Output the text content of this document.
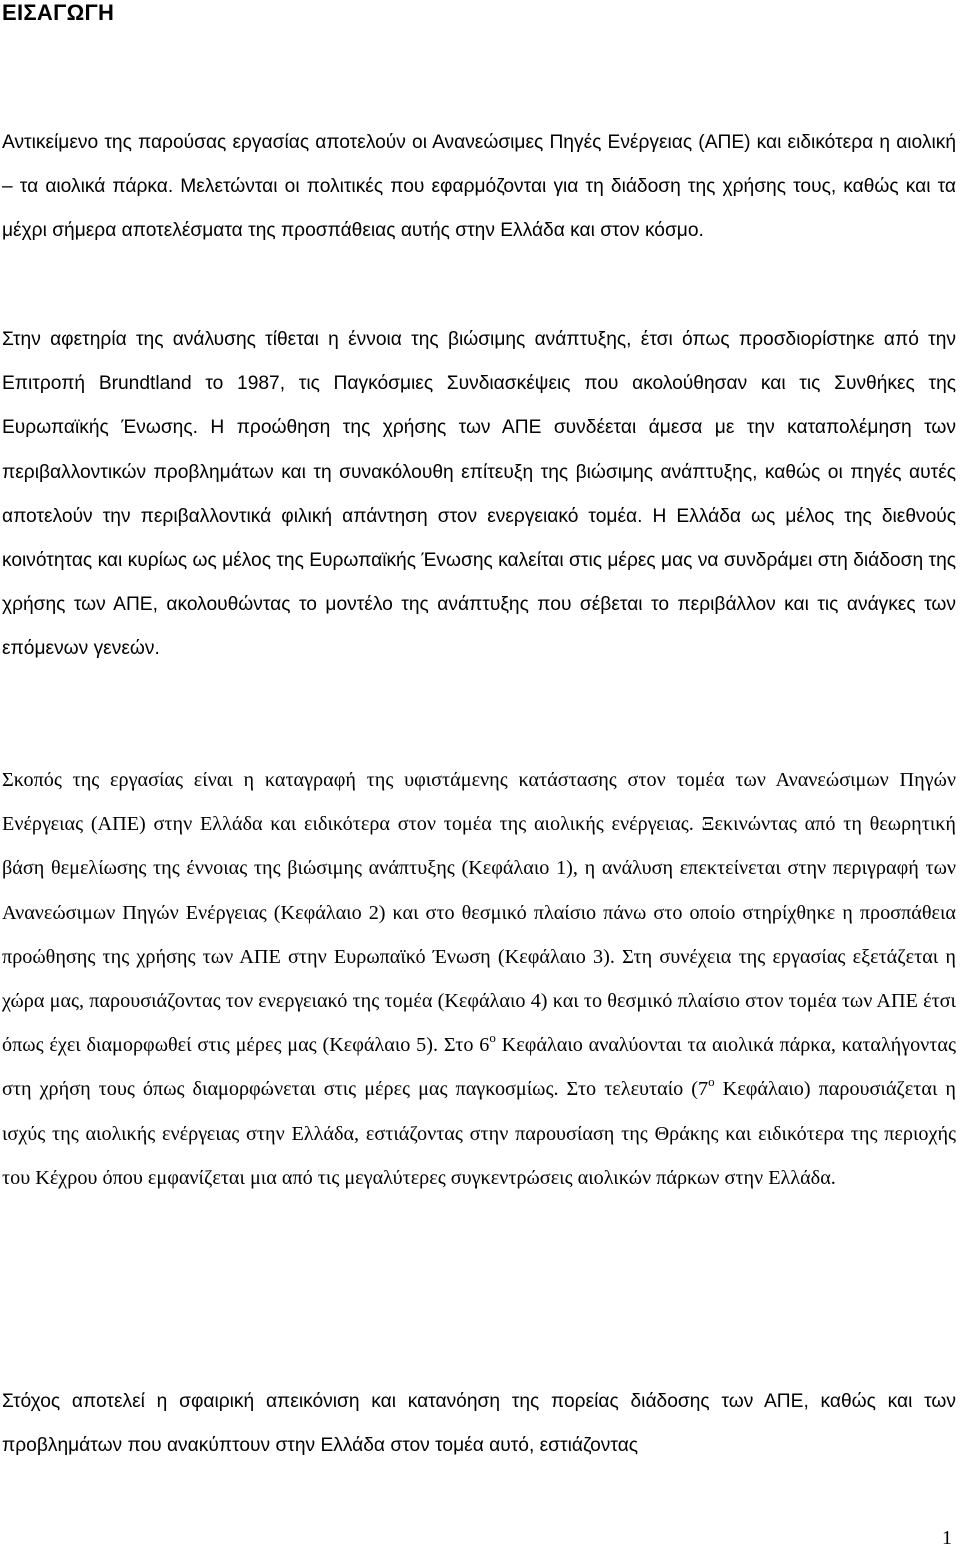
ΕΙΣΑΓΩΓΗ

Αντικείμενο της παρούσας εργασίας αποτελούν οι Ανανεώσιμες Πηγές Ενέργειας (ΑΠΕ) και ειδικότερα η αιολική – τα αιολικά πάρκα. Μελετώνται οι πολιτικές που εφαρμόζονται για τη διάδοση της χρήσης τους, καθώς και τα μέχρι σήμερα αποτελέσματα της προσπάθειας αυτής στην Ελλάδα και στον κόσμο.

Στην αφετηρία της ανάλυσης τίθεται η έννοια της βιώσιμης ανάπτυξης, έτσι όπως προσδιορίστηκε από την Επιτροπή Brundtland το 1987, τις Παγκόσμιες Συνδιασκέψεις που ακολούθησαν και τις Συνθήκες της Ευρωπαϊκής Ένωσης. Η προώθηση της χρήσης των ΑΠΕ συνδέεται άμεσα με την καταπολέμηση των περιβαλλοντικών προβλημάτων και τη συνακόλουθη επίτευξη της βιώσιμης ανάπτυξης, καθώς οι πηγές αυτές αποτελούν την περιβαλλοντικά φιλική απάντηση στον ενεργειακό τομέα. Η Ελλάδα ως μέλος της διεθνούς κοινότητας και κυρίως ως μέλος της Ευρωπαϊκής Ένωσης καλείται στις μέρες μας να συνδράμει στη διάδοση της χρήσης των ΑΠΕ, ακολουθώντας το μοντέλο της ανάπτυξης που σέβεται το περιβάλλον και τις ανάγκες των επόμενων γενεών.

Σκοπός της εργασίας είναι η καταγραφή της υφιστάμενης κατάστασης στον τομέα των Ανανεώσιμων Πηγών Ενέργειας (ΑΠΕ) στην Ελλάδα και ειδικότερα στον τομέα της αιολικής ενέργειας. Ξεκινώντας από τη θεωρητική βάση θεμελίωσης της έννοιας της βιώσιμης ανάπτυξης (Κεφάλαιο 1), η ανάλυση επεκτείνεται στην περιγραφή των Ανανεώσιμων Πηγών Ενέργειας (Κεφάλαιο 2) και στο θεσμικό πλαίσιο πάνω στο οποίο στηρίχθηκε η προσπάθεια προώθησης της χρήσης των ΑΠΕ στην Ευρωπαϊκό Ένωση (Κεφάλαιο 3). Στη συνέχεια της εργασίας εξετάζεται η χώρα μας, παρουσιάζοντας τον ενεργειακό της τομέα (Κεφάλαιο 4) και το θεσμικό πλαίσιο στον τομέα των ΑΠΕ έτσι όπως έχει διαμορφωθεί στις μέρες μας (Κεφάλαιο 5). Στο $6^o$ Κεφάλαιο αναλύονται τα αιολικά πάρκα, καταλήγοντας στη χρήση τους όπως διαμορφώνεται στις μέρες μας παγκοσμίως. Στο τελευταίο ($7^o$ Κεφάλαιο) παρουσιάζεται η ισχύς της αιολικής ενέργειας στην Ελλάδα, εστιάζοντας στην παρουσίαση της Θράκης και ειδικότερα της περιοχής του Κέχρου όπου εμφανίζεται μια από τις μεγαλύτερες συγκεντρώσεις αιολικών πάρκων στην Ελλάδα.

Στόχος αποτελεί η σφαιρική απεικόνιση και κατανόηση της πορείας διάδοσης των ΑΠΕ, καθώς και των προβλημάτων που ανακύπτουν στην Ελλάδα στον τομέα αυτό, εστιάζοντας

1
